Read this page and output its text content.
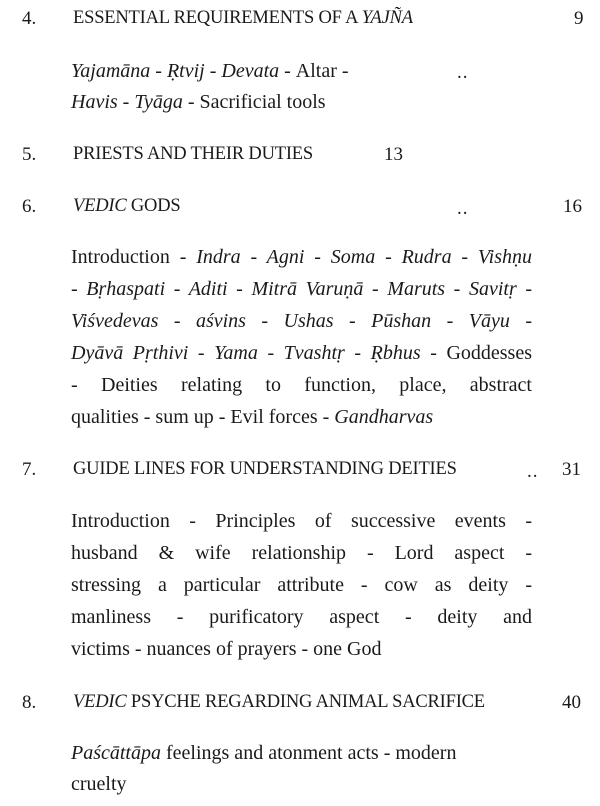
4. ESSENTIAL REQUIREMENTS OF A YAJÑA	9
Yajamāna - Ṛtvij - Devata - Altar -	..
Havis - Tyāga - Sacrificial tools
5. PRIESTS AND THEIR DUTIES	13
6. VEDIC GODS	..	16
Introduction - Indra - Agni - Soma - Rudra - Vishṇu
- Bṛhaspati - Aditi - Mitrā Varuṇā - Maruts - Savitṛ -
Viśvedevas - aśvins - Ushas - Pūshan - Vāyu -
Dyāvā Pṛthivi - Yama - Tvashtṛ - Ṛbhus - Goddesses
- Deities relating to function, place, abstract
qualities - sum up - Evil forces - Gandharvas
7. GUIDE LINES FOR UNDERSTANDING DEITIES	.. 31
Introduction - Principles of successive events -
husband & wife relationship - Lord aspect -
stressing a particular attribute - cow as deity -
manliness - purificatory aspect - deity and
victims - nuances of prayers - one God
8. VEDIC PSYCHE REGARDING ANIMAL SACRIFICE	40
Paścāttāpa feelings and atonment acts - modern
cruelty
